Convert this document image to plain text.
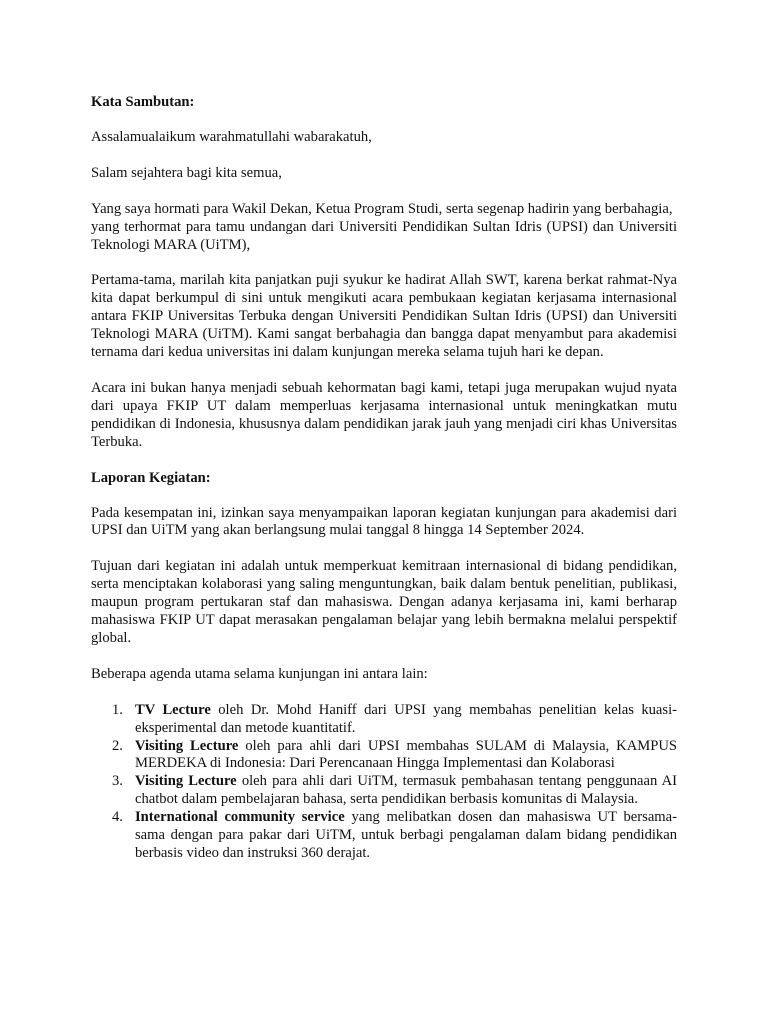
Kata Sambutan:

Assalamualaikum warahmatullahi wabarakatuh,

Salam sejahtera bagi kita semua,

Yang saya hormati para Wakil Dekan, Ketua Program Studi, serta segenap hadirin yang berbahagia,
yang terhormat para tamu undangan dari Universiti Pendidikan Sultan Idris (UPSI) dan Universiti Teknologi MARA (UiTM),

Pertama-tama, marilah kita panjatkan puji syukur ke hadirat Allah SWT, karena berkat rahmat-Nya kita dapat berkumpul di sini untuk mengikuti acara pembukaan kegiatan kerjasama internasional antara FKIP Universitas Terbuka dengan Universiti Pendidikan Sultan Idris (UPSI) dan Universiti Teknologi MARA (UiTM). Kami sangat berbahagia dan bangga dapat menyambut para akademisi ternama dari kedua universitas ini dalam kunjungan mereka selama tujuh hari ke depan.

Acara ini bukan hanya menjadi sebuah kehormatan bagi kami, tetapi juga merupakan wujud nyata dari upaya FKIP UT dalam memperluas kerjasama internasional untuk meningkatkan mutu pendidikan di Indonesia, khususnya dalam pendidikan jarak jauh yang menjadi ciri khas Universitas Terbuka.

Laporan Kegiatan:

Pada kesempatan ini, izinkan saya menyampaikan laporan kegiatan kunjungan para akademisi dari UPSI dan UiTM yang akan berlangsung mulai tanggal 8 hingga 14 September 2024.

Tujuan dari kegiatan ini adalah untuk memperkuat kemitraan internasional di bidang pendidikan, serta menciptakan kolaborasi yang saling menguntungkan, baik dalam bentuk penelitian, publikasi, maupun program pertukaran staf dan mahasiswa. Dengan adanya kerjasama ini, kami berharap mahasiswa FKIP UT dapat merasakan pengalaman belajar yang lebih bermakna melalui perspektif global.

Beberapa agenda utama selama kunjungan ini antara lain:

1. TV Lecture oleh Dr. Mohd Haniff dari UPSI yang membahas penelitian kelas kuasi-eksperimental dan metode kuantitatif.
2. Visiting Lecture oleh para ahli dari UPSI membahas SULAM di Malaysia, KAMPUS MERDEKA di Indonesia: Dari Perencanaan Hingga Implementasi dan Kolaborasi
3. Visiting Lecture oleh para ahli dari UiTM, termasuk pembahasan tentang penggunaan AI chatbot dalam pembelajaran bahasa, serta pendidikan berbasis komunitas di Malaysia.
4. International community service yang melibatkan dosen dan mahasiswa UT bersama-sama dengan para pakar dari UiTM, untuk berbagi pengalaman dalam bidang pendidikan berbasis video dan instruksi 360 derajat.
